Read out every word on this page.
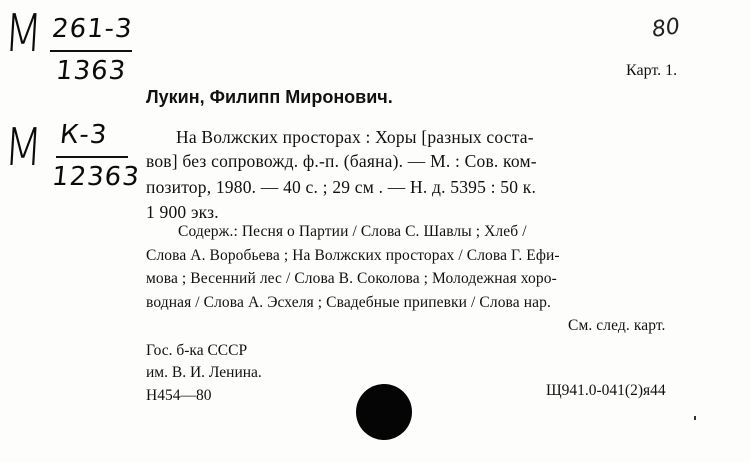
М 261-3
1363
80
Карт. 1.
Лукин, Филипп Миронович.
М К-3
12363
На Волжских просторах : Хоры [разных соста-
вов] без сопровожд. ф.-п. (баяна). — М. : Сов. ком-
позитор, 1980. — 40 с. ; 29 см . — Н. д. 5395 : 50 к.
1 900 экз.
Содерж.: Песня о Партии / Слова С. Шавлы ; Хлеб /
Слова А. Воробьева ; На Волжских просторах / Слова Г. Ефи-
мова ; Весенний лес / Слова В. Соколова ; Молодежная хоро-
водная / Слова А. Эсхеля ; Свадебные припевки / Слова нар.
См. след. карт.
Гос. б-ка СССР
им. В. И. Ленина.
Н454—80	Щ941.0-041(2)я44
